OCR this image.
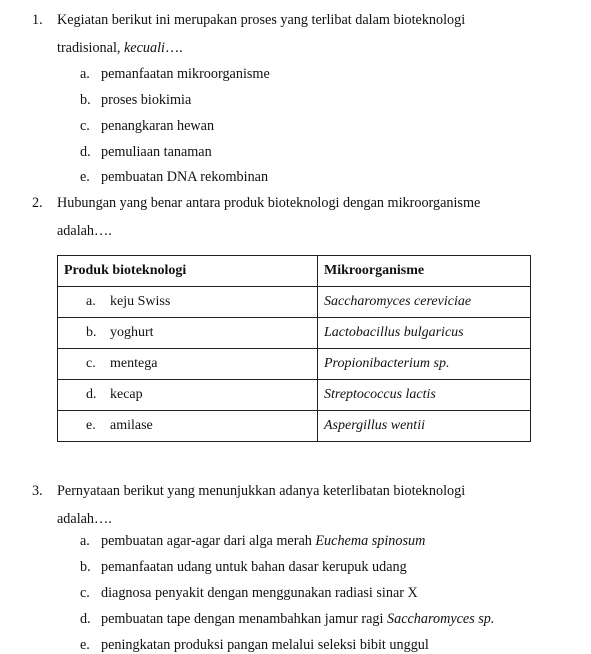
1. Kegiatan berikut ini merupakan proses yang terlibat dalam bioteknologi
tradisional, kecuali….
a. pemanfaatan mikroorganisme
b. proses biokimia
c. penangkaran hewan
d. pemuliaan tanaman
e. pembuatan DNA rekombinan
2. Hubungan yang benar antara produk bioteknologi dengan mikroorganisme
adalah….
Produk bioteknologi	Mikroorganisme
a. keju Swiss	Saccharomyces cereviciae
b. yoghurt	Lactobacillus bulgaricus
c. mentega	Propionibacterium sp.
d. kecap	Streptococcus lactis
e. amilase	Aspergillus wentii
3. Pernyataan berikut yang menunjukkan adanya keterlibatan bioteknologi
adalah….
a. pembuatan agar-agar dari alga merah Euchema spinosum
b. pemanfaatan udang untuk bahan dasar kerupuk udang
c. diagnosa penyakit dengan menggunakan radiasi sinar X
d. pembuatan tape dengan menambahkan jamur ragi Saccharomyces sp.
e. peningkatan produksi pangan melalui seleksi bibit unggul
